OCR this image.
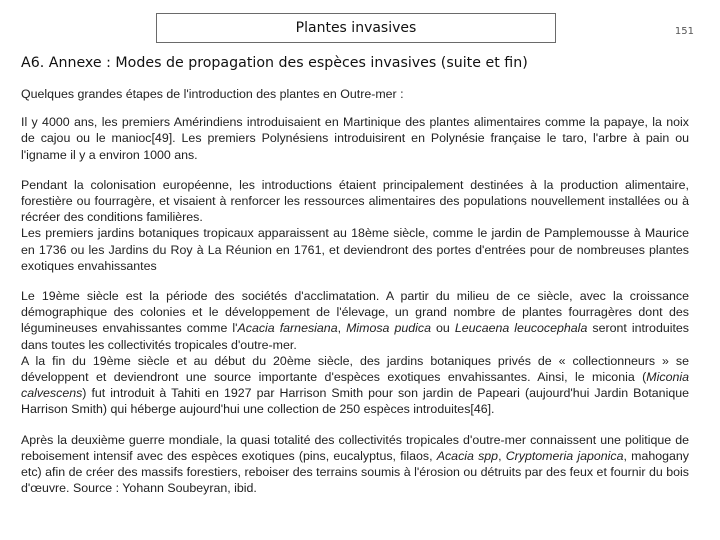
Plantes invasives	151
A6. Annexe : Modes de propagation des espèces invasives (suite et fin)

Quelques grandes étapes de l'introduction des plantes en Outre-mer :

Il y 4000 ans, les premiers Amérindiens introduisaient en Martinique des plantes alimentaires comme la papaye, la noix de cajou ou le manioc[49]. Les premiers Polynésiens introduisirent en Polynésie française le taro, l'arbre à pain ou l'igname il y a environ 1000 ans.

Pendant la colonisation européenne, les introductions étaient principalement destinées à la production alimentaire, forestière ou fourragère, et visaient à renforcer les ressources alimentaires des populations nouvellement installées ou à récréer des conditions familières.
Les premiers jardins botaniques tropicaux apparaissent au 18ème siècle, comme le jardin de Pamplemousse à Maurice en 1736 ou les Jardins du Roy à La Réunion en 1761, et deviendront des portes d'entrées pour de nombreuses plantes exotiques envahissantes

Le 19ème siècle est la période des sociétés d'acclimatation. A partir du milieu de ce siècle, avec la croissance démographique des colonies et le développement de l'élevage, un grand nombre de plantes fourragères dont des légumineuses envahissantes comme l'Acacia farnesiana, Mimosa pudica ou Leucaena leucocephala seront introduites dans toutes les collectivités tropicales d'outre-mer.
A la fin du 19ème siècle et au début du 20ème siècle, des jardins botaniques privés de « collectionneurs » se développent et deviendront une source importante d'espèces exotiques envahissantes. Ainsi, le miconia (Miconia calvescens) fut introduit à Tahiti en 1927 par Harrison Smith pour son jardin de Papeari (aujourd'hui Jardin Botanique Harrison Smith) qui héberge aujourd'hui une collection de 250 espèces introduites[46].

Après la deuxième guerre mondiale, la quasi totalité des collectivités tropicales d'outre-mer connaissent une politique de reboisement intensif avec des espèces exotiques (pins, eucalyptus, filaos, Acacia spp, Cryptomeria japonica, mahogany etc) afin de créer des massifs forestiers, reboiser des terrains soumis à l'érosion ou détruits par des feux et fournir du bois d'œuvre. Source : Yohann Soubeyran, ibid.
